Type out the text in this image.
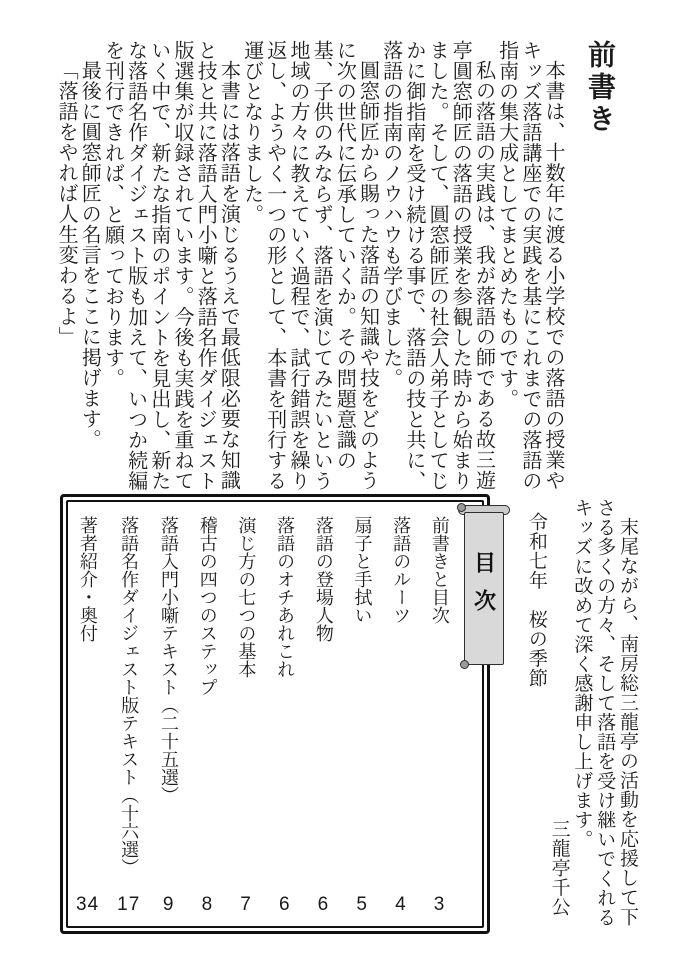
前書き

本書は、十数年に渡る小学校での落語の授業やキッズ落語講座での実践を基にこれまでの落語の指南の集大成としてまとめたものです。

私の落語の実践は、我が落語の師である故三遊亭圓窓師匠の落語の授業を参観した時から始まりました。そして、圓窓師匠の社会人弟子としてじかに御指南を受け続ける事で、落語の技と共に、落語の指南のノウハウも学びました。

圓窓師匠から賜った落語の知識や技をどのように次の世代に伝承していくか。その問題意識の基、子供のみならず、落語を演じてみたいという地域の方々に教えていく過程で、試行錯誤を繰り返し、ようやく一つの形として、本書を刊行する運びとなりました。

本書には落語を演じるうえで最低限必要な知識と技と共に落語入門小噺と落語名作ダイジェスト版選集が収録されています。今後も実践を重ねていく中で、新たな指南のポイントを見出し、新たな落語名作ダイジェスト版も加えて、いつか続編を刊行できれば、と願っております。

最後に圓窓師匠の名言をここに掲げます。

「落語をやれば人生変わるよ」

末尾ながら、南房総三龍亭の活動を応援して下さる多くの方々、そして落語を受け継いでくれるキッズに改めて深く感謝申し上げます。

三龍亭千公

令和七年　桜の季節

前書きと目次
3
落語のルーツ
4
扇子と手拭い
5
落語の登場人物
6
落語のオチあれこれ
6
演じ方の七つの基本
7
稽古の四つのステップ
8
落語入門小噺テキスト（二十五選）
9
落語名作ダイジェスト版テキスト（十六選）
17
著者紹介・奥付
34
目次
